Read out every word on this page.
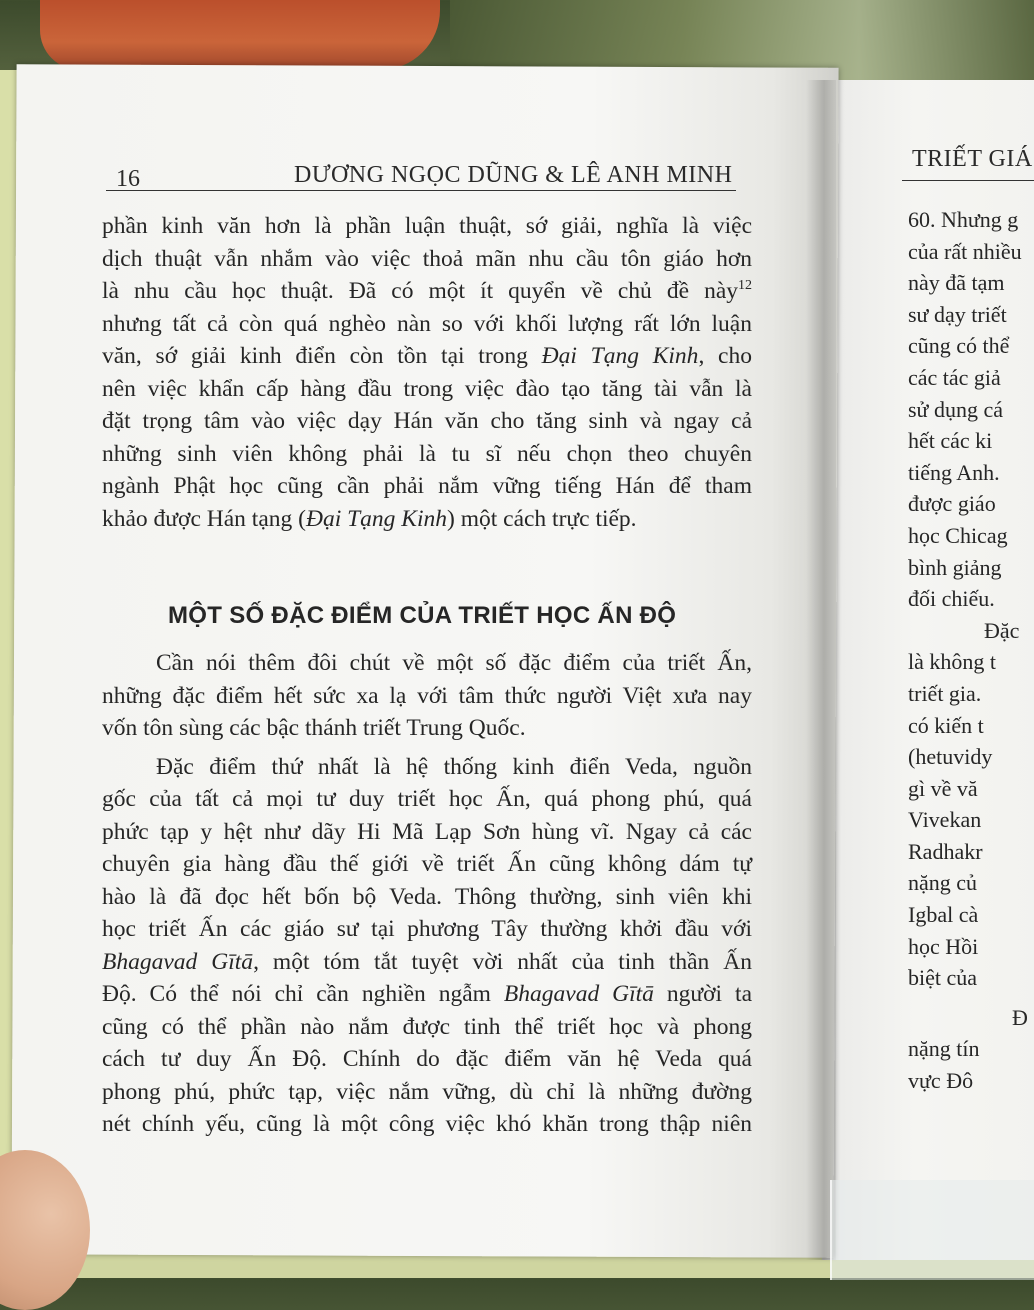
16	DƯƠNG NGỌC DŨNG & LÊ ANH MINH
phần kinh văn hơn là phần luận thuật, sớ giải, nghĩa là việc
dịch thuật vẫn nhắm vào việc thoả mãn nhu cầu tôn giáo hơn
là nhu cầu học thuật. Đã có một ít quyển về chủ đề này$^{12}$
nhưng tất cả còn quá nghèo nàn so với khối lượng rất lớn luận
văn, sớ giải kinh điển còn tồn tại trong Đại Tạng Kinh, cho
nên việc khẩn cấp hàng đầu trong việc đào tạo tăng tài vẫn là
đặt trọng tâm vào việc dạy Hán văn cho tăng sinh và ngay cả
những sinh viên không phải là tu sĩ nếu chọn theo chuyên
ngành Phật học cũng cần phải nắm vững tiếng Hán để tham
khảo được Hán tạng (Đại Tạng Kinh) một cách trực tiếp.
MỘT SỐ ĐẶC ĐIỂM CỦA TRIẾT HỌC ẤN ĐỘ
Cần nói thêm đôi chút về một số đặc điểm của triết Ấn,
những đặc điểm hết sức xa lạ với tâm thức người Việt xưa nay
vốn tôn sùng các bậc thánh triết Trung Quốc.
Đặc điểm thứ nhất là hệ thống kinh điển Veda, nguồn
gốc của tất cả mọi tư duy triết học Ấn, quá phong phú, quá
phức tạp y hệt như dãy Hi Mã Lạp Sơn hùng vĩ. Ngay cả các
chuyên gia hàng đầu thế giới về triết Ấn cũng không dám tự
hào là đã đọc hết bốn bộ Veda. Thông thường, sinh viên khi
học triết Ấn các giáo sư tại phương Tây thường khởi đầu với
Bhagavad Gītā, một tóm tắt tuyệt vời nhất của tinh thần Ấn
Độ. Có thể nói chỉ cần nghiền ngẫm Bhagavad Gītā người ta
cũng có thể phần nào nắm được tinh thể triết học và phong
cách tư duy Ấn Độ. Chính do đặc điểm văn hệ Veda quá
phong phú, phức tạp, việc nắm vững, dù chỉ là những đường
nét chính yếu, cũng là một công việc khó khăn trong thập niên
TRIẾT GIÁ
60. Nhưng g
của rất nhiều
này đã tạm
sư dạy triết
cũng có thể
các tác giả
sử dụng cá
hết các ki
tiếng Anh.
được giáo
học Chicag
bình giảng
đối chiếu.
Đặc
là không t
triết gia.
có kiến t
(hetuvidy
gì về vă
Vivekan
Radhakr
nặng củ
Igbal cà
học Hồi
biệt của
Đ
nặng tín
vực Đô
